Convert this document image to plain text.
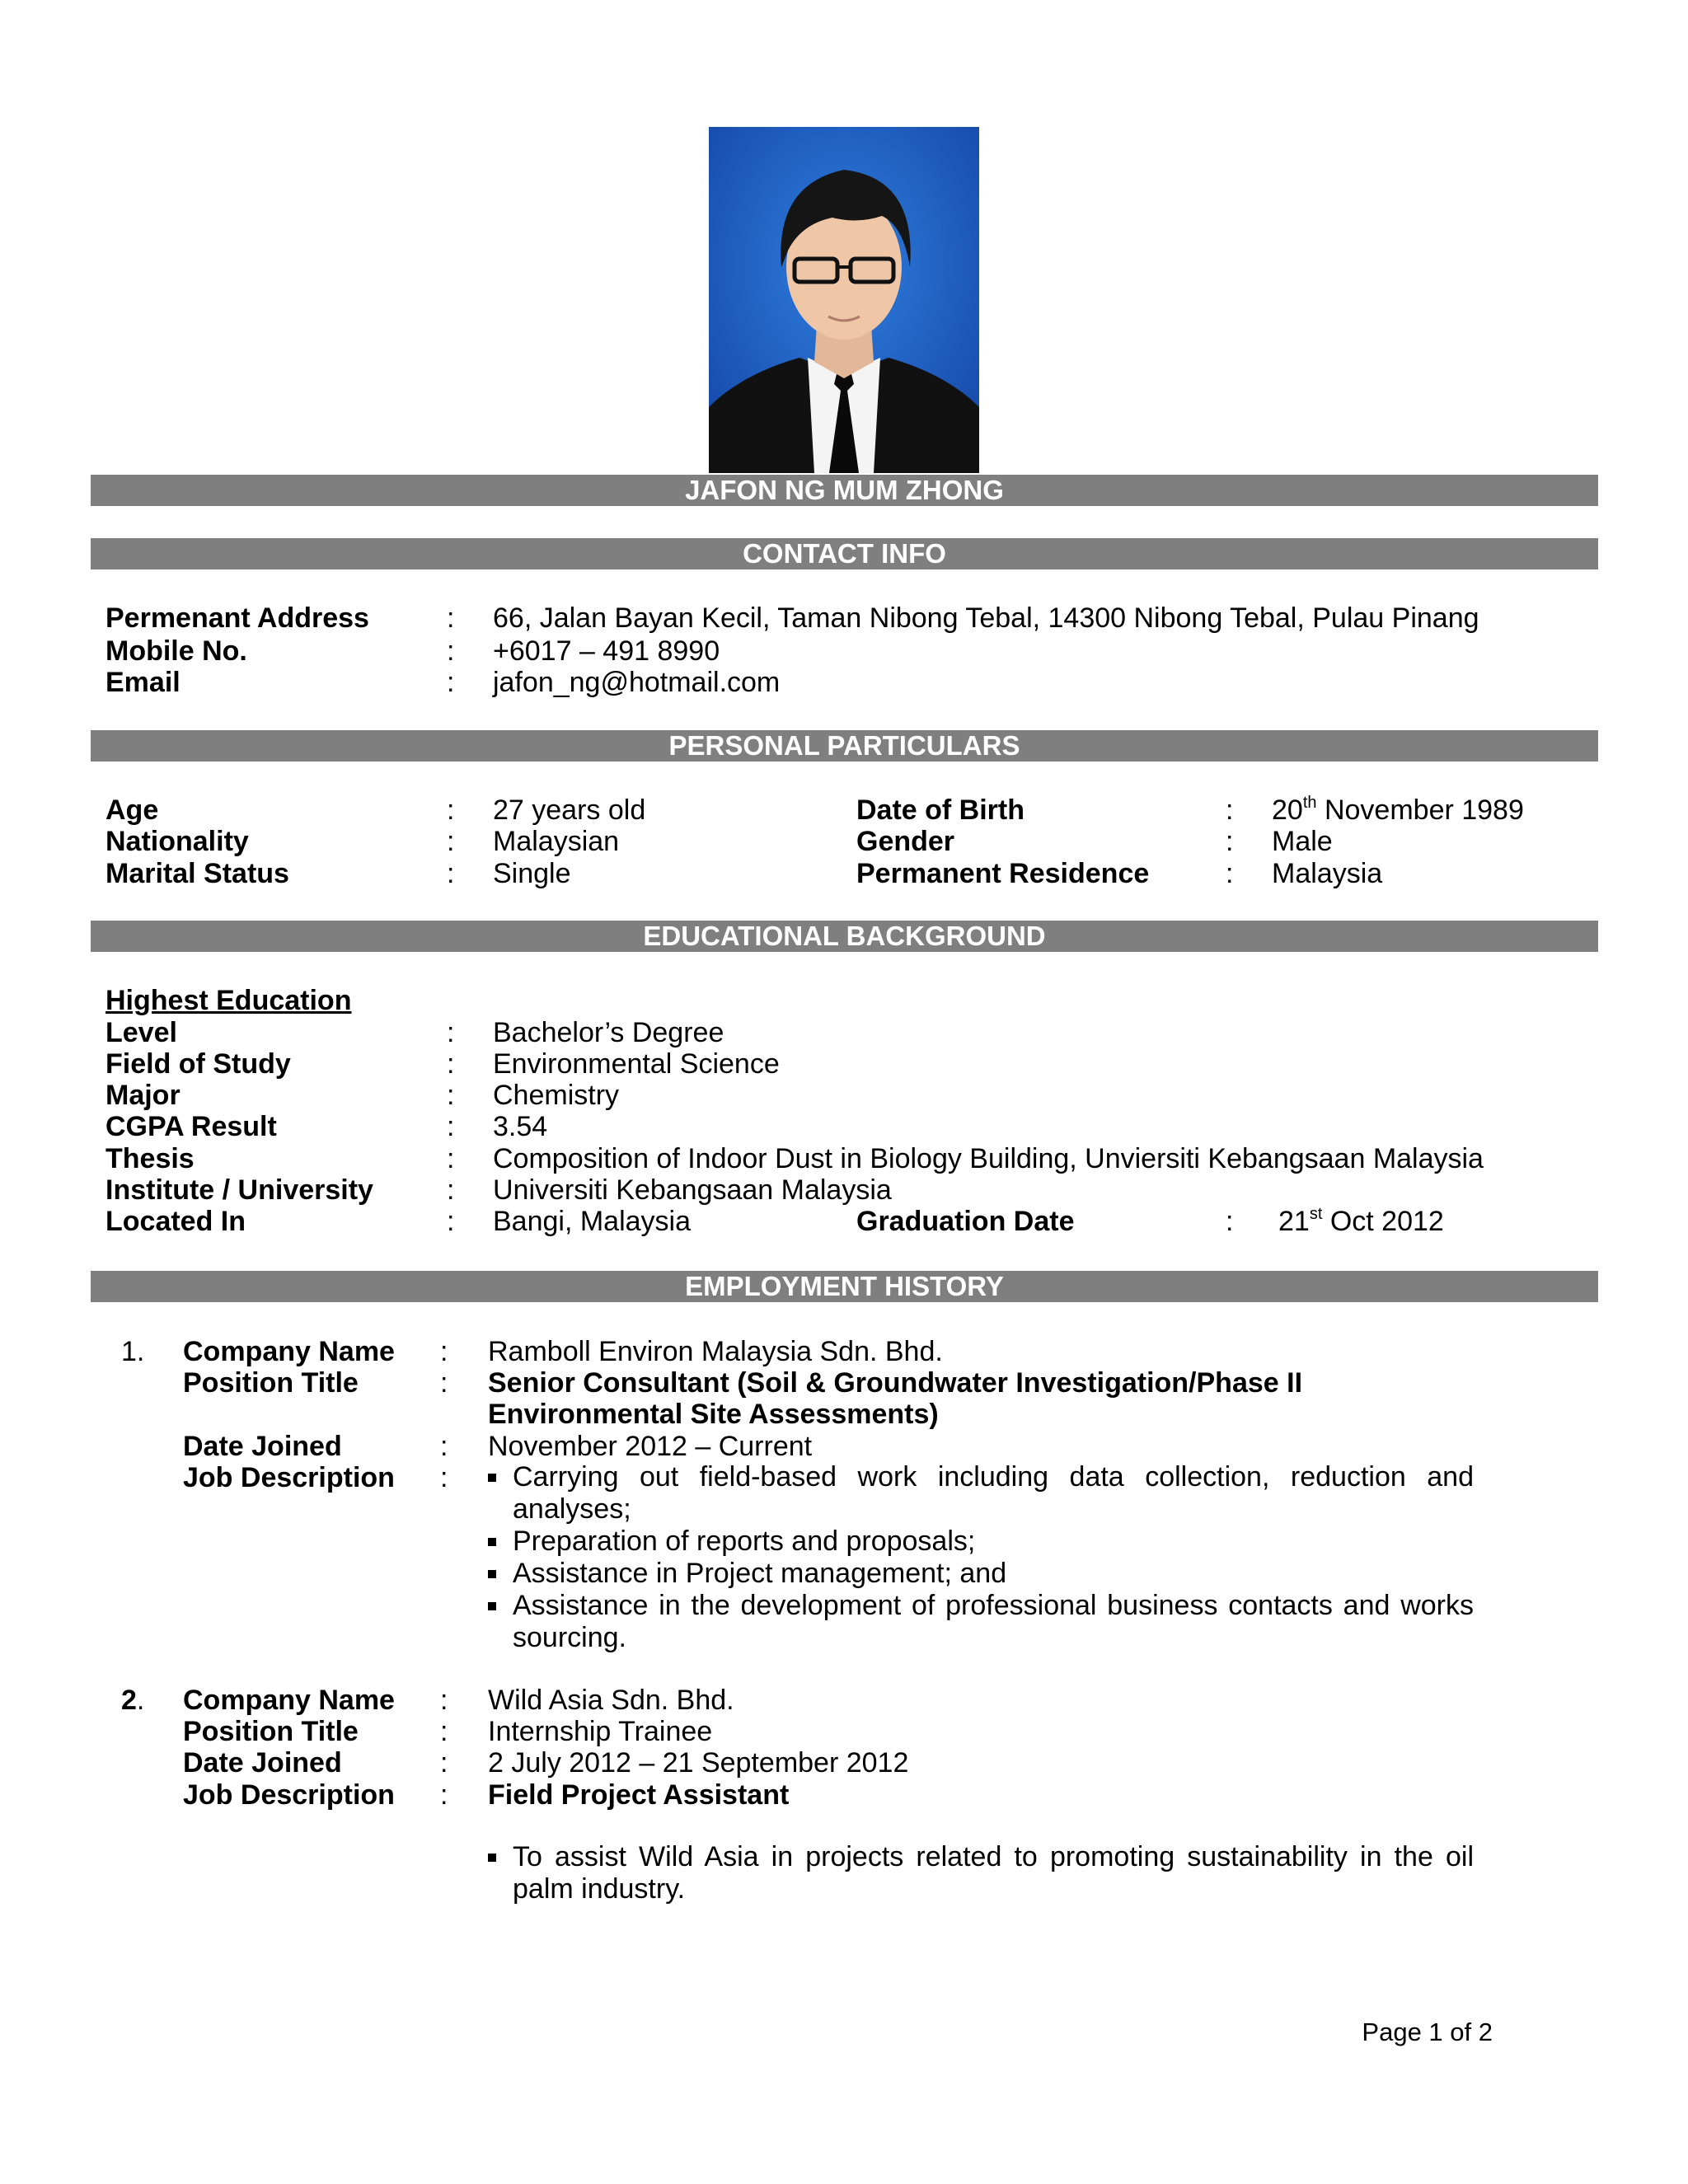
JAFON NG MUM ZHONG
CONTACT INFO
Permenant Address	: 66, Jalan Bayan Kecil, Taman Nibong Tebal, 14300 Nibong Tebal, Pulau Pinang
Mobile No.	: +6017 – 491 8990
Email	: jafon_ng@hotmail.com
PERSONAL PARTICULARS
Age	: 27 years old	Date of Birth	: 20th November 1989
Nationality	: Malaysian	Gender	: Male
Marital Status	: Single	Permanent Residence	: Malaysia
EDUCATIONAL BACKGROUND
Highest Education
Level	: Bachelor’s Degree
Field of Study	: Environmental Science
Major	: Chemistry
CGPA Result	: 3.54
Thesis	: Composition of Indoor Dust in Biology Building, Unviersiti Kebangsaan Malaysia
Institute / University	: Universiti Kebangsaan Malaysia
Located In	: Bangi, Malaysia	Graduation Date	: 21st Oct 2012
EMPLOYMENT HISTORY
1. Company Name : Ramboll Environ Malaysia Sdn. Bhd.
Position Title	: Senior Consultant (Soil & Groundwater Investigation/Phase II
Environmental Site Assessments)
Date Joined	: November 2012 – Current
Job Description :	Carrying out field-based work including data collection, reduction and analyses;
Preparation of reports and proposals;
Assistance in Project management; and
Assistance in the development of professional business contacts and works sourcing.
2. Company Name : Wild Asia Sdn. Bhd.
Position Title	: Internship Trainee
Date Joined	: 2 July 2012 – 21 September 2012
Job Description : Field Project Assistant
To assist Wild Asia in projects related to promoting sustainability in the oil palm industry.
Page 1 of 2
